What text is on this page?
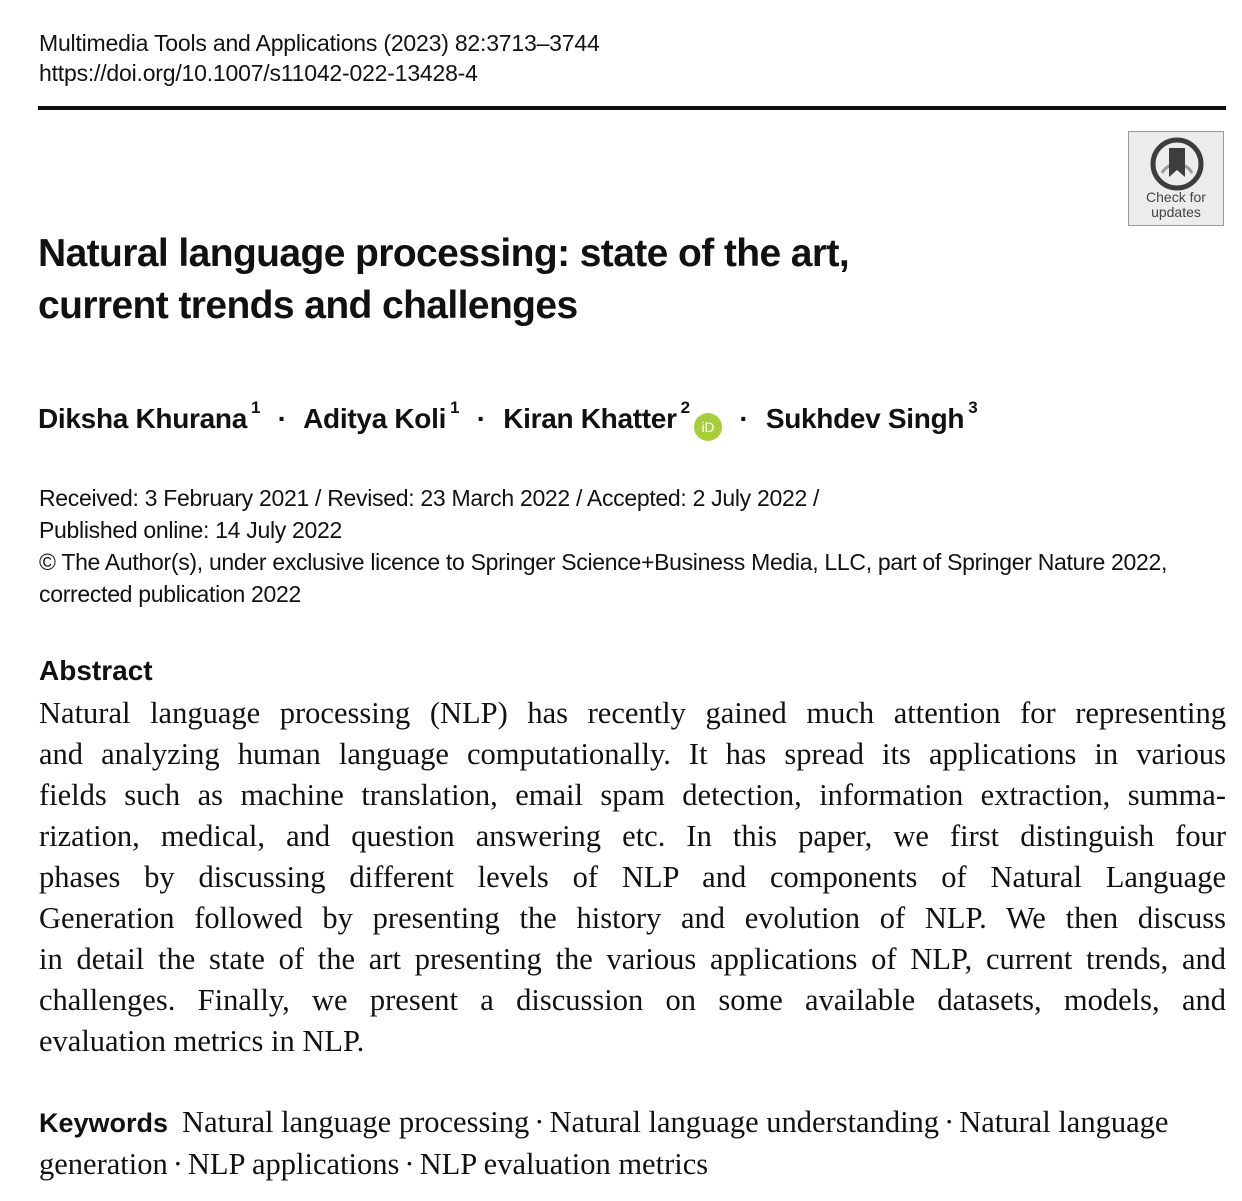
Multimedia Tools and Applications (2023) 82:3713–3744
https://doi.org/10.1007/s11042-022-13428-4
Check for
updates
Natural language processing: state of the art,
current trends and challenges
Diksha Khurana $^1$ · Aditya Koli $^1$ · Kiran Khatter $^2$iD · Sukhdev Singh $^3$
Received: 3 February 2021 / Revised: 23 March 2022 / Accepted: 2 July 2022 /
Published online: 14 July 2022
© The Author(s), under exclusive licence to Springer Science+Business Media, LLC, part of Springer Nature 2022,
corrected publication 2022
Abstract
Natural language processing (NLP) has recently gained much attention for representing
and analyzing human language computationally. It has spread its applications in various
fields such as machine translation, email spam detection, information extraction, summa-
rization, medical, and question answering etc. In this paper, we first distinguish four
phases by discussing different levels of NLP and components of Natural Language
Generation followed by presenting the history and evolution of NLP. We then discuss
in detail the state of the art presenting the various applications of NLP, current trends, and
challenges. Finally, we present a discussion on some available datasets, models, and
evaluation metrics in NLP.
Keywords Natural language processing · Natural language understanding · Natural language generation · NLP applications · NLP evaluation metrics
